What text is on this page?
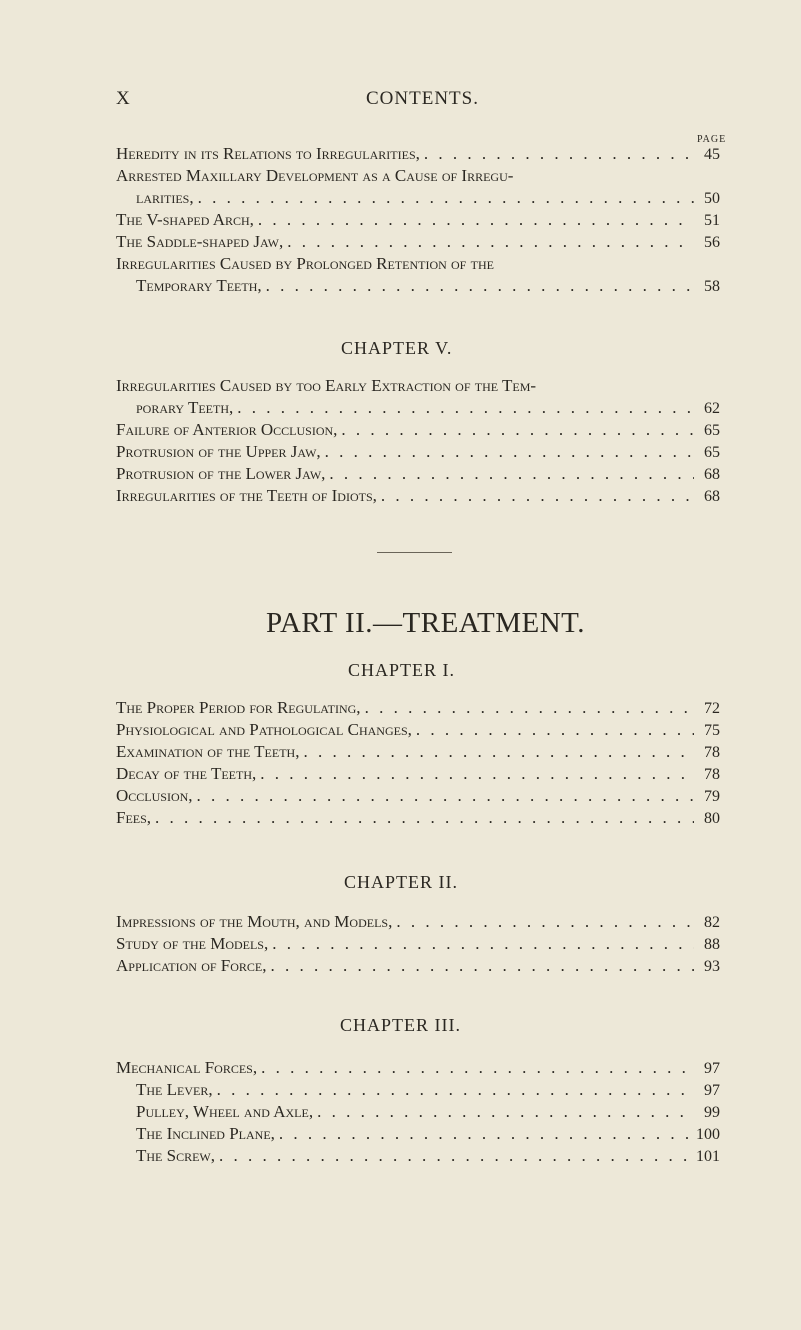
X	CONTENTS.
PAGE
Heredity in its Relations to Irregularities, . . .	45
Arrested Maxillary Development as a Cause of Irregu-
larities, . . .	50
The V-shaped Arch, . . .	51
The Saddle-shaped Jaw, . . .	56
Irregularities Caused by Prolonged Retention of the
Temporary Teeth, . . .	58
CHAPTER V.
Irregularities Caused by too Early Extraction of the Tem-
porary Teeth, . . .	62
Failure of Anterior Occlusion, . . .	65
Protrusion of the Upper Jaw, . . .	65
Protrusion of the Lower Jaw, . . .	68
Irregularities of the Teeth of Idiots, . . .	68
PART II.—TREATMENT.
CHAPTER I.
The Proper Period for Regulating, . . .	72
Physiological and Pathological Changes, . . .	75
Examination of the Teeth, . . .	78
Decay of the Teeth, . . .	78
Occlusion, . . .	79
Fees, . . .	80
CHAPTER II.
Impressions of the Mouth, and Models, . . .	82
Study of the Models, . . .	88
Application of Force, . . .	93
CHAPTER III.
Mechanical Forces, . . .	97
The Lever, . . .	97
Pulley, Wheel and Axle, . . .	99
The Inclined Plane, . . .	100
The Screw, . . .	101
